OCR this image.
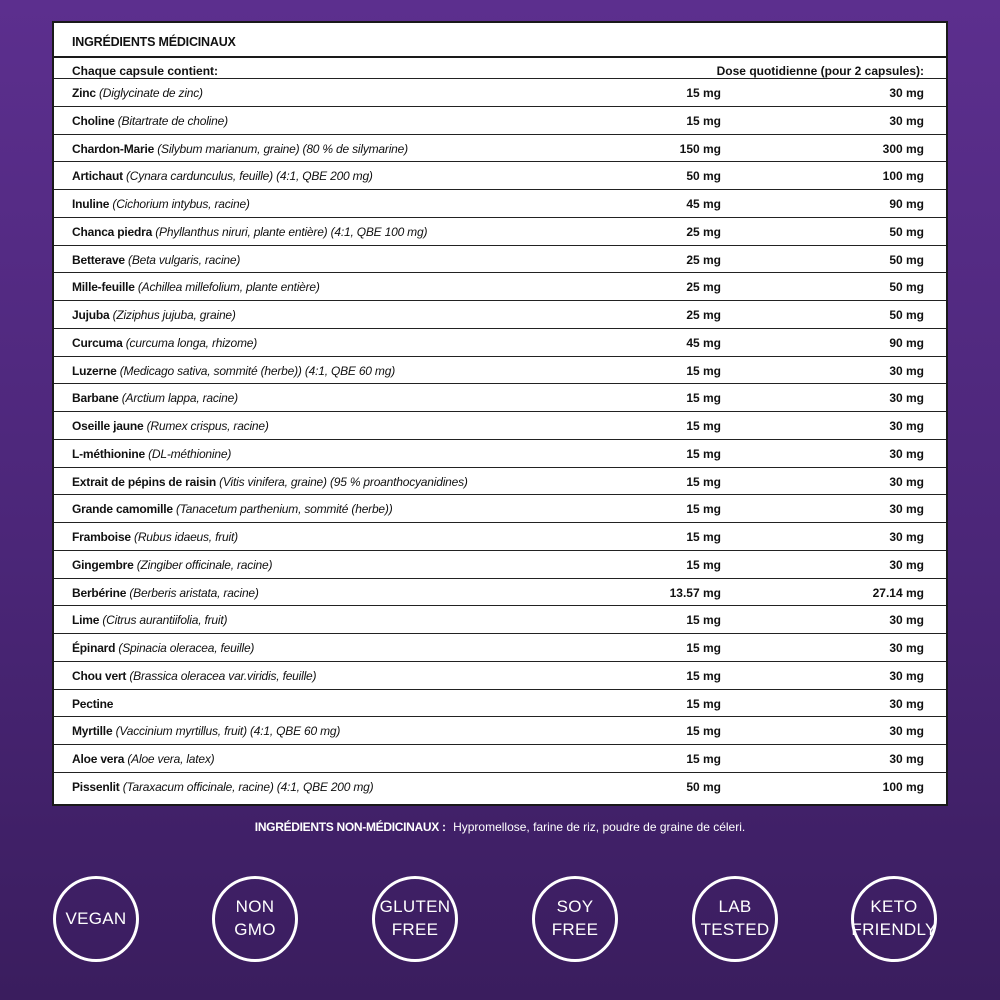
INGRÉDIENTS MÉDICINAUX
Chaque capsule contient:	Dose quotidienne (pour 2 capsules):
Zinc (Diglycinate de zinc)	15 mg	30 mg
Choline (Bitartrate de choline)	15 mg	30 mg
Chardon-Marie (Silybum marianum, graine) (80 % de silymarine)	150 mg	300 mg
Artichaut (Cynara cardunculus, feuille) (4:1, QBE 200 mg)	50 mg	100 mg
Inuline (Cichorium intybus, racine)	45 mg	90 mg
Chanca piedra (Phyllanthus niruri, plante entière) (4:1, QBE 100 mg)	25 mg	50 mg
Betterave (Beta vulgaris, racine)	25 mg	50 mg
Mille-feuille (Achillea millefolium, plante entière)	25 mg	50 mg
Jujuba (Ziziphus jujuba, graine)	25 mg	50 mg
Curcuma (curcuma longa, rhizome)	45 mg	90 mg
Luzerne (Medicago sativa, sommité (herbe)) (4:1, QBE 60 mg)	15 mg	30 mg
Barbane (Arctium lappa, racine)	15 mg	30 mg
Oseille jaune (Rumex crispus, racine)	15 mg	30 mg
L-méthionine (DL-méthionine)	15 mg	30 mg
Extrait de pépins de raisin (Vitis vinifera, graine) (95 % proanthocyanidines)	15 mg	30 mg
Grande camomille (Tanacetum parthenium, sommité (herbe))	15 mg	30 mg
Framboise (Rubus idaeus, fruit)	15 mg	30 mg
Gingembre (Zingiber officinale, racine)	15 mg	30 mg
Berbérine (Berberis aristata, racine)	13.57 mg	27.14 mg
Lime (Citrus aurantiifolia, fruit)	15 mg	30 mg
Épinard (Spinacia oleracea, feuille)	15 mg	30 mg
Chou vert (Brassica oleracea var.viridis, feuille)	15 mg	30 mg
Pectine	15 mg	30 mg
Myrtille (Vaccinium myrtillus, fruit) (4:1, QBE 60 mg)	15 mg	30 mg
Aloe vera (Aloe vera, latex)	15 mg	30 mg
Pissenlit (Taraxacum officinale, racine) (4:1, QBE 200 mg)	50 mg	100 mg
INGRÉDIENTS NON-MÉDICINAUX : Hypromellose, farine de riz, poudre de graine de céleri.
VEGAN
NON
GMO
GLUTEN
FREE
SOY
FREE
LAB
TESTED
KETO
FRIENDLY
